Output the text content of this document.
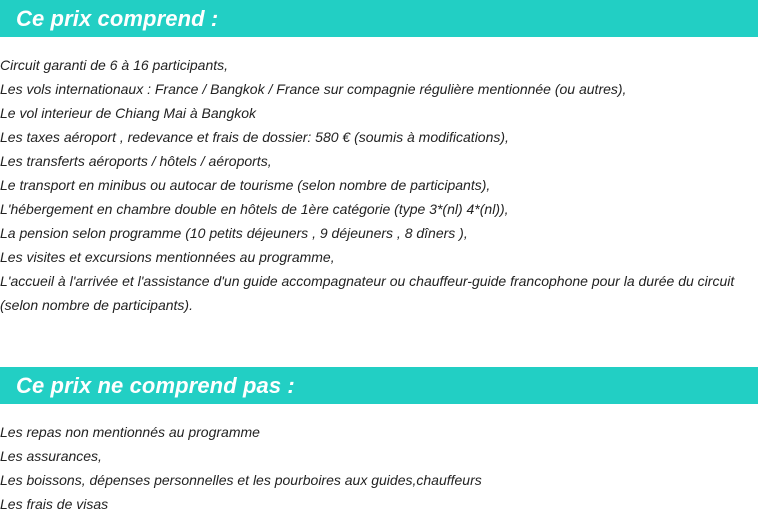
Ce prix comprend :
Circuit garanti de 6 à 16 participants,
Les vols internationaux : France / Bangkok / France sur compagnie régulière mentionnée (ou autres),
Le vol interieur de Chiang Mai à Bangkok
Les taxes aéroport , redevance et frais de dossier: 580 € (soumis à modifications),
Les transferts aéroports / hôtels / aéroports,
Le transport en minibus ou autocar de tourisme (selon nombre de participants),
L'hébergement en chambre double en hôtels de 1ère catégorie (type 3*(nl) 4*(nl)),
La pension selon programme (10 petits déjeuners , 9 déjeuners , 8 dîners ),
Les visites et excursions mentionnées au programme,
L'accueil à l'arrivée et l'assistance d'un guide accompagnateur ou chauffeur-guide francophone pour la durée du circuit (selon nombre de participants).
Ce prix ne comprend pas :
Les repas non mentionnés au programme
Les assurances,
Les boissons, dépenses personnelles et les pourboires aux guides,chauffeurs
Les frais de visas
